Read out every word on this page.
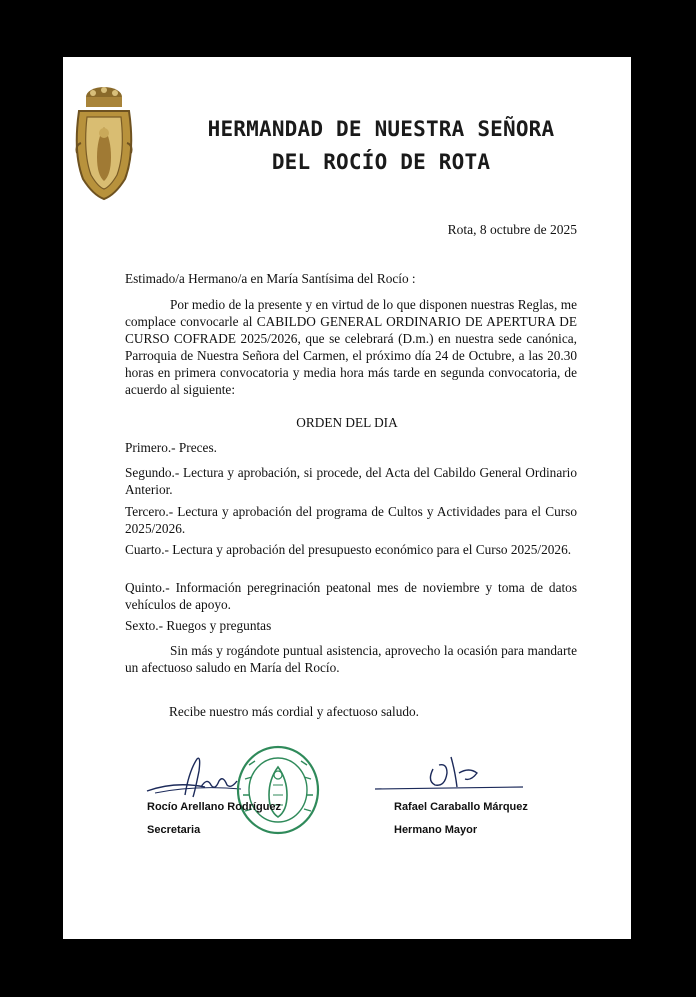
HERMANDAD DE NUESTRA SEÑORA
DEL ROCÍO DE ROTA
Rota, 8 octubre de 2025
Estimado/a Hermano/a en María Santísima del Rocío :
Por medio de la presente y en virtud de lo que disponen nuestras Reglas, me complace convocarle al CABILDO GENERAL ORDINARIO DE APERTURA DE CURSO COFRADE 2025/2026, que se celebrará (D.m.) en nuestra sede canónica, Parroquia de Nuestra Señora del Carmen, el próximo día 24 de Octubre, a las 20.30 horas en primera convocatoria y media hora más tarde en segunda convocatoria, de acuerdo al siguiente:
ORDEN DEL DIA
Primero.- Preces.
Segundo.- Lectura y aprobación, si procede, del Acta del Cabildo General Ordinario Anterior.
Tercero.- Lectura y aprobación del programa de Cultos y Actividades para el Curso 2025/2026.
Cuarto.- Lectura y aprobación del presupuesto económico para el Curso 2025/2026.
Quinto.- Información peregrinación peatonal mes de noviembre y toma de datos vehículos de apoyo.
Sexto.- Ruegos y preguntas
Sin más y rogándote puntual asistencia, aprovecho la ocasión para mandarte un afectuoso saludo en María del Rocío.
Recibe nuestro más cordial y afectuoso saludo.
Rocío Arellano Rodríguez
Secretaria
Rafael Caraballo Márquez
Hermano Mayor
